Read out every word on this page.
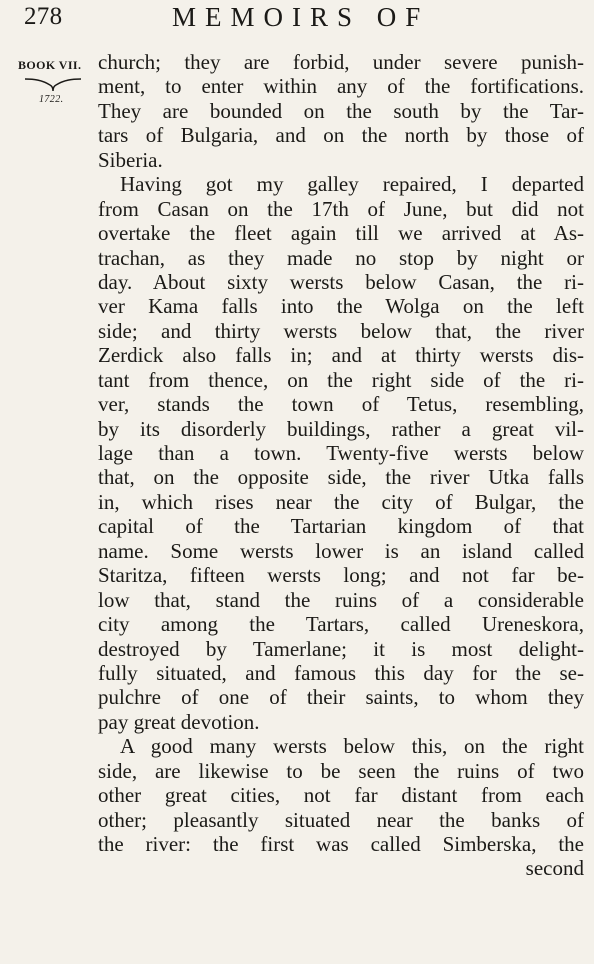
278	MEMOIRS OF
BOOK VII.
1722.
church; they are forbid, under severe punish-
ment, to enter within any of the fortifications.
They are bounded on the south by the Tar-
tars of Bulgaria, and on the north by those of
Siberia.
Having got my galley repaired, I departed
from Casan on the 17th of June, but did not
overtake the fleet again till we arrived at As-
trachan, as they made no stop by night or
day. About sixty wersts below Casan, the ri-
ver Kama falls into the Wolga on the left
side; and thirty wersts below that, the river
Zerdick also falls in; and at thirty wersts dis-
tant from thence, on the right side of the ri-
ver, stands the town of Tetus, resembling,
by its disorderly buildings, rather a great vil-
lage than a town. Twenty-five wersts below
that, on the opposite side, the river Utka falls
in, which rises near the city of Bulgar, the
capital of the Tartarian kingdom of that
name. Some wersts lower is an island called
Staritza, fifteen wersts long; and not far be-
low that, stand the ruins of a considerable
city among the Tartars, called Ureneskora,
destroyed by Tamerlane; it is most delight-
fully situated, and famous this day for the se-
pulchre of one of their saints, to whom they
pay great devotion.
A good many wersts below this, on the right
side, are likewise to be seen the ruins of two
other great cities, not far distant from each
other; pleasantly situated near the banks of
the river: the first was called Simberska, the
second
